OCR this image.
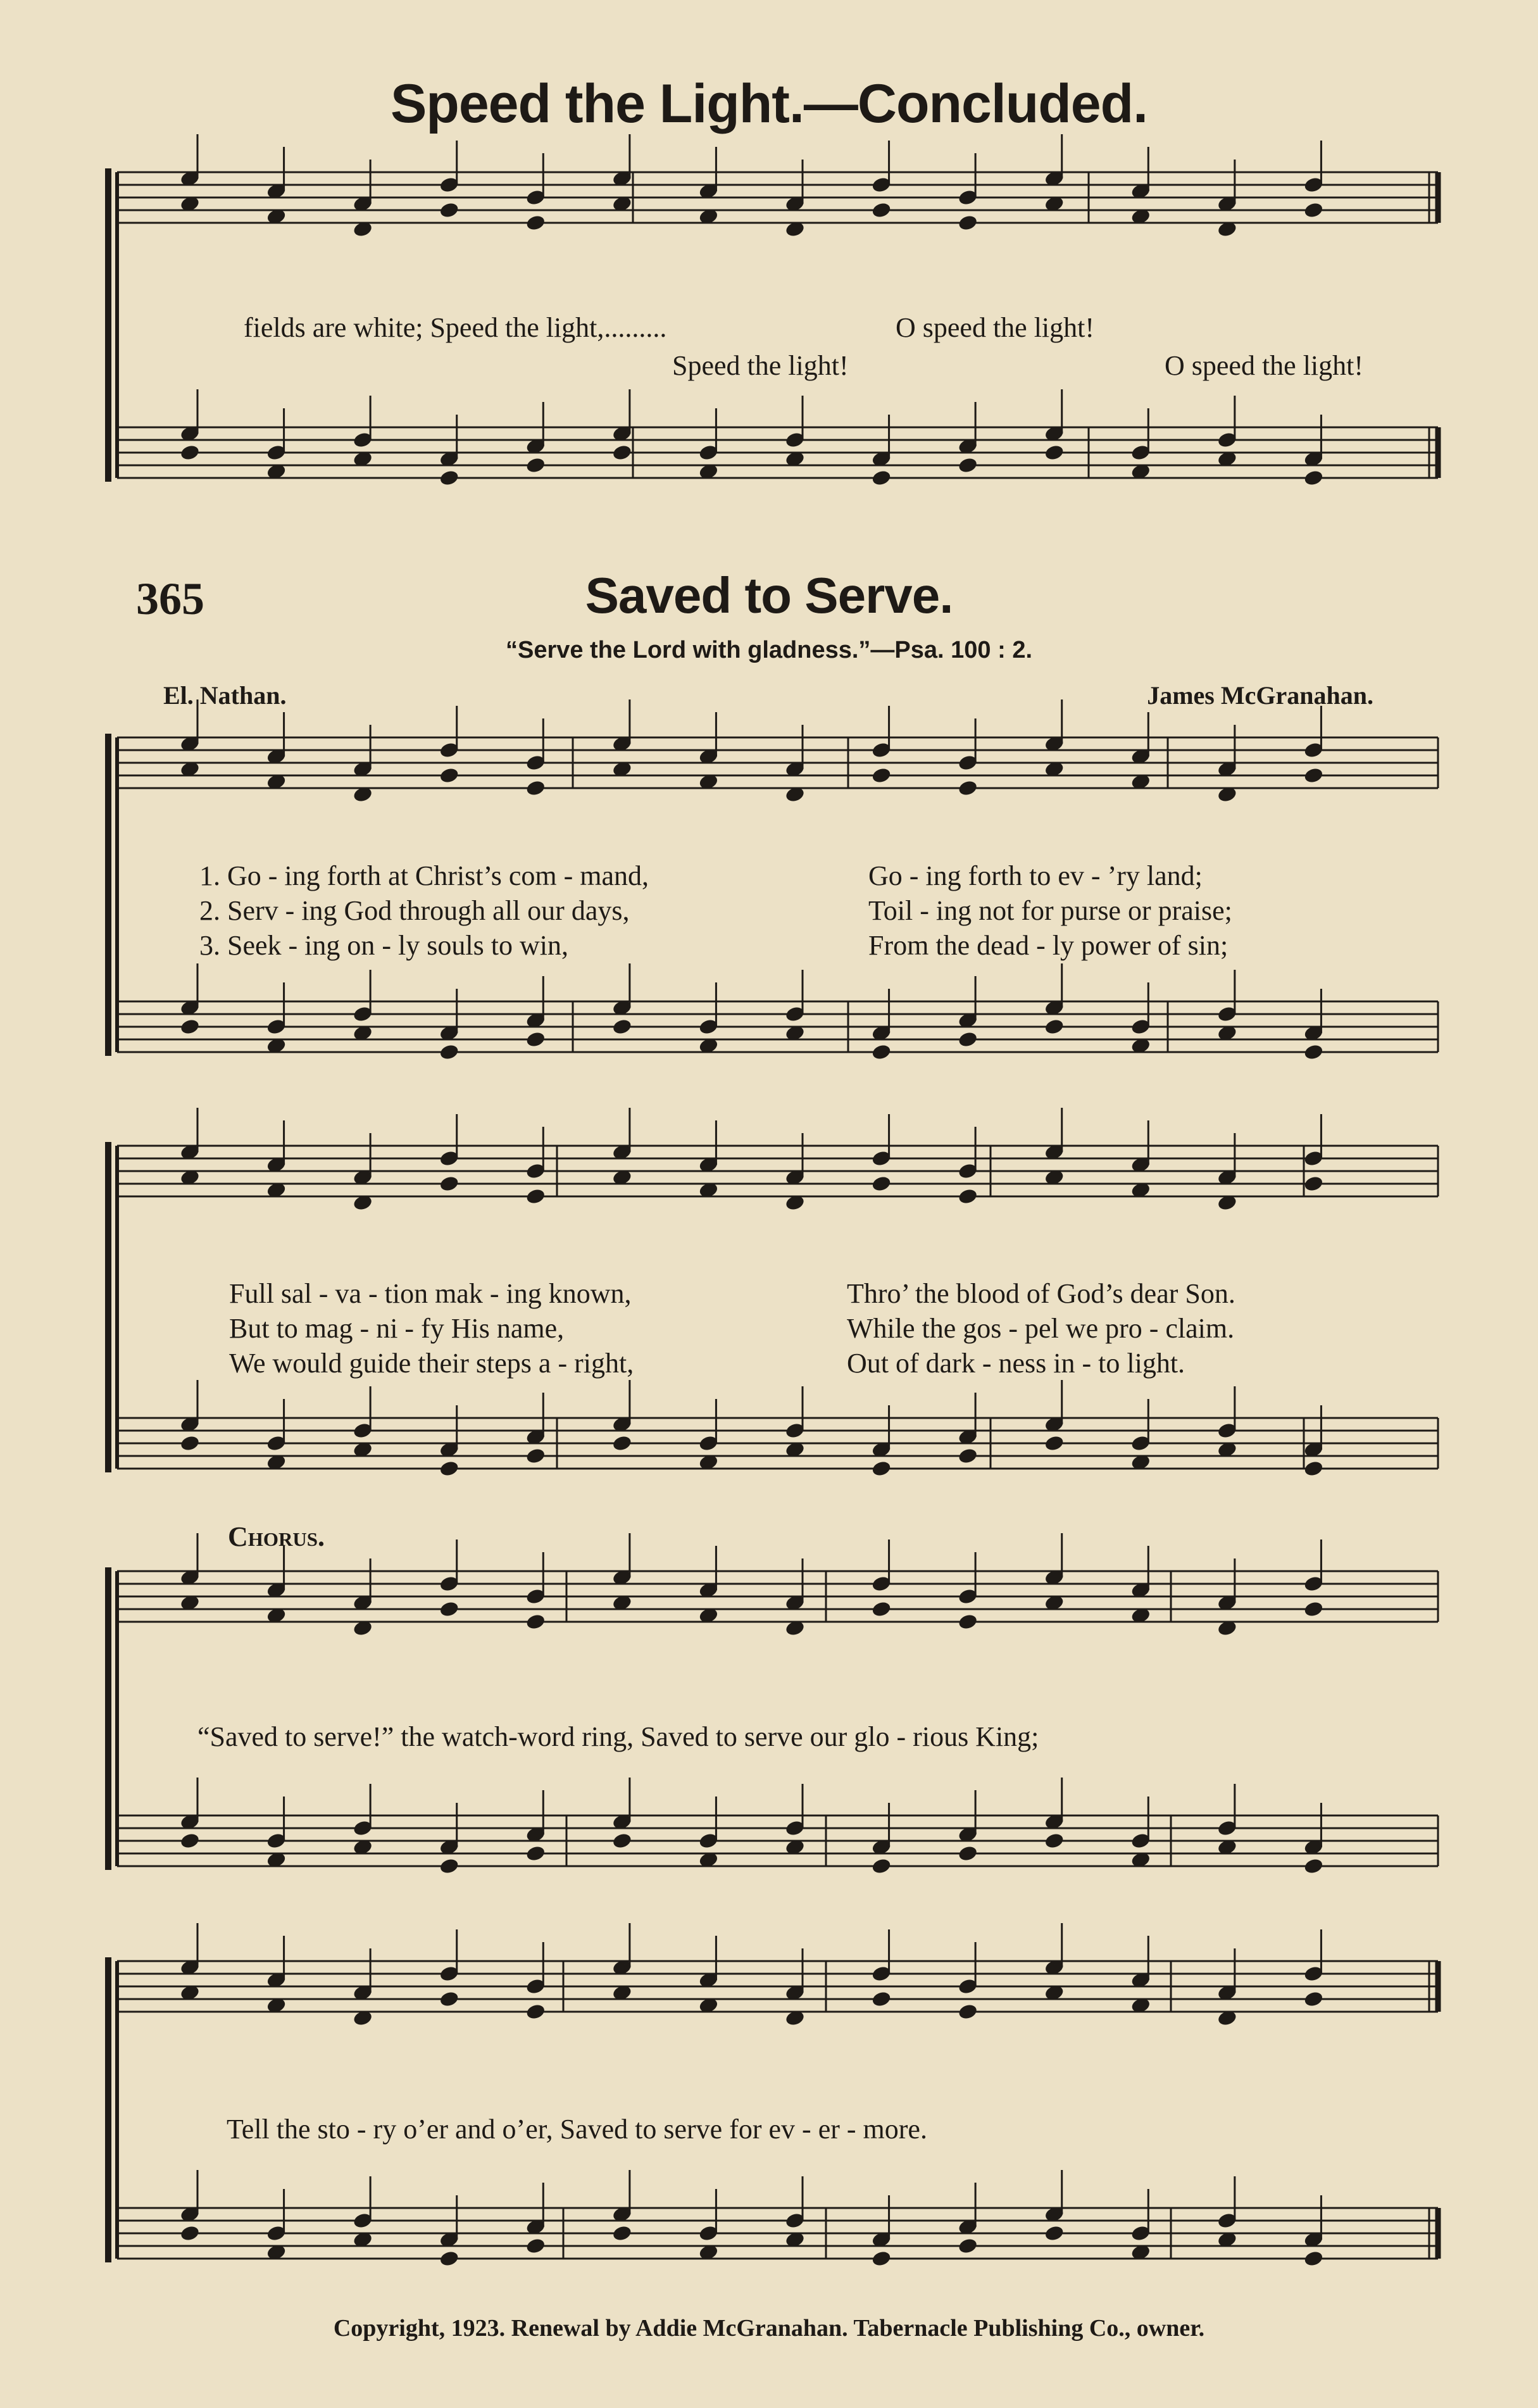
Speed the Light.—Concluded.
fields are white; Speed the light,.........	O speed the light!
Speed the light!	O speed the light!
365	Saved to Serve.
“Serve the Lord with gladness.”—Psa. 100 : 2.
El. Nathan.	James McGranahan.
1. Go - ing forth at Christ’s com - mand,	Go - ing forth to ev - ’ry land;
2. Serv - ing God through all our days,	Toil - ing not for purse or praise;
3. Seek - ing on - ly souls to win,	From the dead - ly power of sin;
Full sal - va - tion mak - ing known,	Thro’ the blood of God’s dear Son.
But to mag - ni - fy His name,	While the gos - pel we pro - claim.
We would guide their steps a - right,	Out of dark - ness in - to light.
Chorus.
“Saved to serve!” the watch-word ring, Saved to serve our glo - rious King;
Tell the sto - ry o’er and o’er, Saved to serve for ev - er - more.
Copyright, 1923. Renewal by Addie McGranahan. Tabernacle Publishing Co., owner.
